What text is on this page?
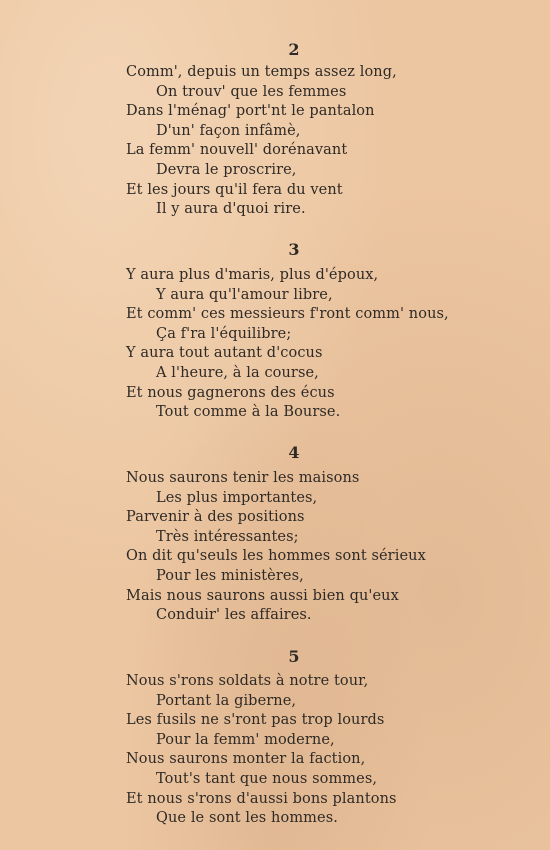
2
Comm', depuis un temps assez long,
On trouv' que les femmes
Dans l'ménag' port'nt le pantalon
D'un' façon infâmè,
La femm' nouvell' dorénavant
Devra le proscrire,
Et les jours qu'il fera du vent
Il y aura d'quoi rire.
3
Y aura plus d'maris, plus d'époux,
Y aura qu'l'amour libre,
Et comm' ces messieurs f'ront comm' nous,
Ça f'ra l'équilibre;
Y aura tout autant d'cocus
A l'heure, à la course,
Et nous gagnerons des écus
Tout comme à la Bourse.
4
Nous saurons tenir les maisons
Les plus importantes,
Parvenir à des positions
Très intéressantes;
On dit qu'seuls les hommes sont sérieux
Pour les ministères,
Mais nous saurons aussi bien qu'eux
Conduir' les affaires.
5
Nous s'rons soldats à notre tour,
Portant la giberne,
Les fusils ne s'ront pas trop lourds
Pour la femm' moderne,
Nous saurons monter la faction,
Tout's tant que nous sommes,
Et nous s'rons d'aussi bons plantons
Que le sont les hommes.
